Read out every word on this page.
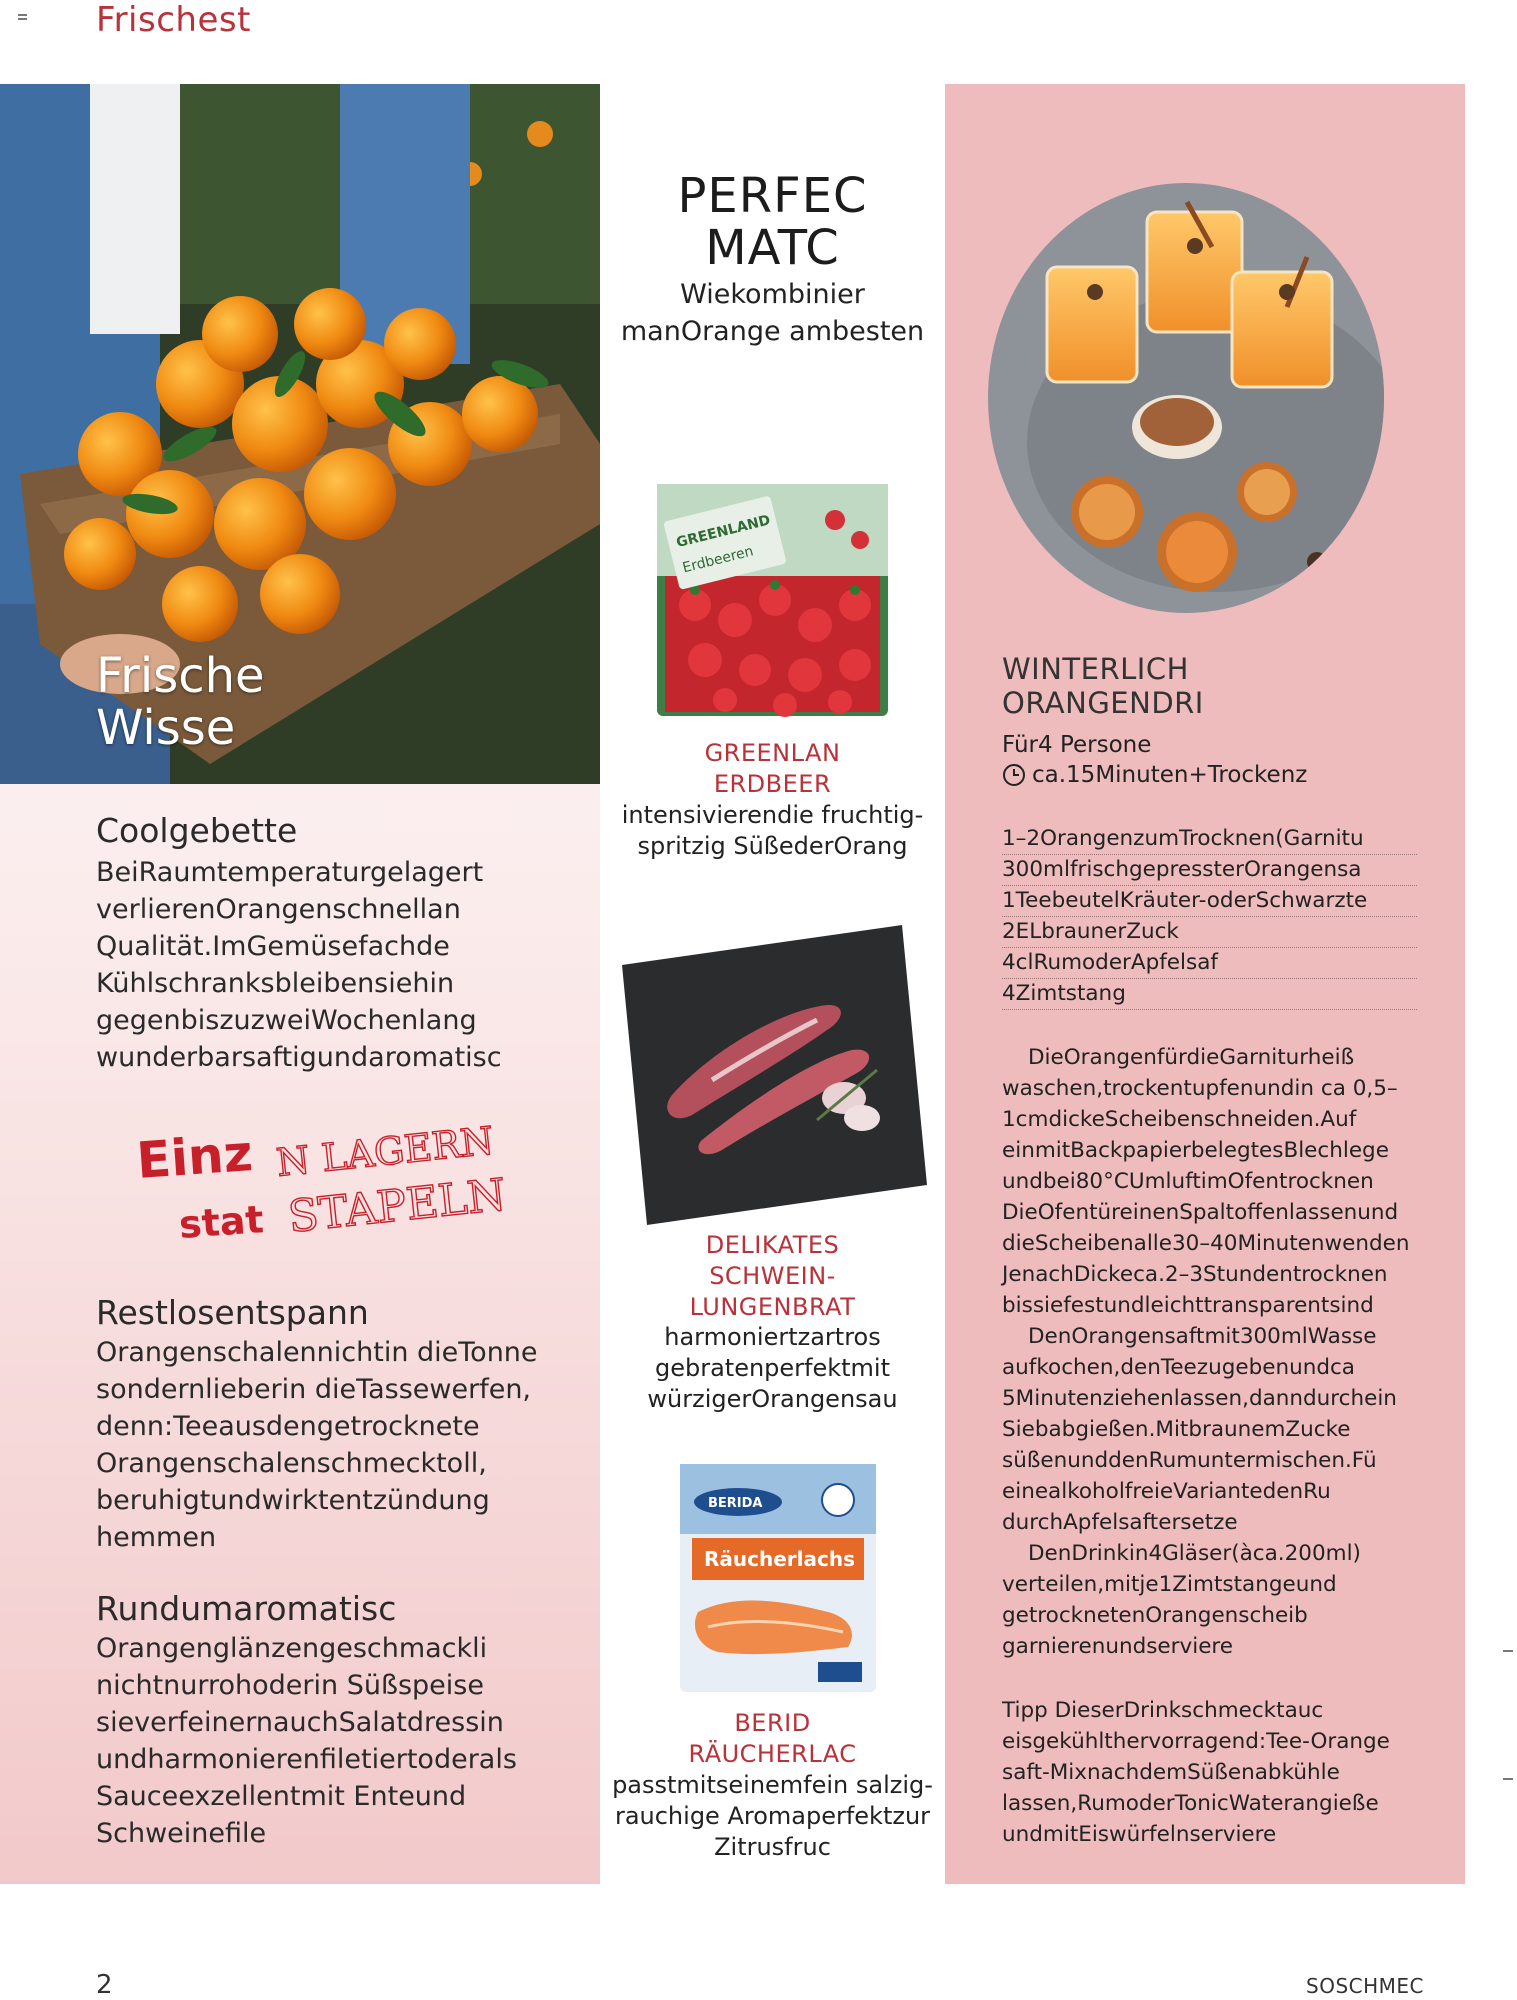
Frischest
Frische
Wisse
Coolgebette
BeiRaumtemperaturgelagert verlierenOrangenschnellan Qualität.ImGemüsefachde Kühlschranksbleibensiehin gegenbiszuzweiWochenlang wunderbarsaftigundaromatisc
Einz N LAGERN
stat STAPELN
Restlosentspann
Orangenschalennichtin dieTonne sondernlieberin dieTassewerfen, denn:Teeausdengetrocknete Orangenschalenschmecktoll, beruhigtundwirktentzündung hemmen
Rundumaromatisc
Orangenglänzengeschmackli nichtnurrohoderin Süßspeise sieverfeinernauchSalatdressin undharmonierenfiletiertoderals Sauceexzellentmit Enteund Schweinefile
PERFEC
MATC
Wiekombinier manOrange ambesten
GREENLAND
Erdbeeren
GREENLAN
ERDBEER
intensivierendie fruchtig-spritzig SüßederOrang
DELIKATES
SCHWEIN-
LUNGENBRAT
harmoniertzartros gebratenperfektmit würzigerOrangensau
BERIDA
Räucherlachs
BERID
RÄUCHERLAC
passtmitseinemfein salzig-rauchige Aromaperfektzur Zitrusfruc
WINTERLICH
ORANGENDRI
Für4 Persone
ca.15Minuten+Trockenz
1–2OrangenzumTrocknen(Garnitu
300mlfrischgepressterOrangensa
1TeebeutelKräuter-oderSchwarzte
2ELbraunerZuck
4clRumoderApfelsaf
4Zimtstang

DieOrangenfürdieGarniturheiß waschen,trockentupfenundin ca 0,5–1cmdickeScheibenschneiden.Auf einmitBackpapierbelegtesBlechlege undbei80°CUmluftimOfentrocknen DieOfentüreinenSpaltoffenlassenund dieScheibenalle30–40Minutenwenden JenachDickeca.2–3Stundentrocknen bissiefestundleichttransparentsind

DenOrangensaftmit300mlWasse aufkochen,denTeezugebenundca 5Minutenziehenlassen,danndurchein Siebabgießen.MitbraunemZucke süßenunddenRumuntermischen.Fü einealkoholfreieVariantedenRu durchApfelsaftersetze

DenDrinkin4Gläser(àca.200ml) verteilen,mitje1Zimtstangeund getrocknetenOrangenscheib garnierenundserviere

Tipp DieserDrinkschmecktauc eisgekühlthervorragend:Tee-Orange saft-MixnachdemSüßenabkühle lassen,RumoderTonicWaterangieße undmitEiswürfelnserviere
2	SOSCHMEC
